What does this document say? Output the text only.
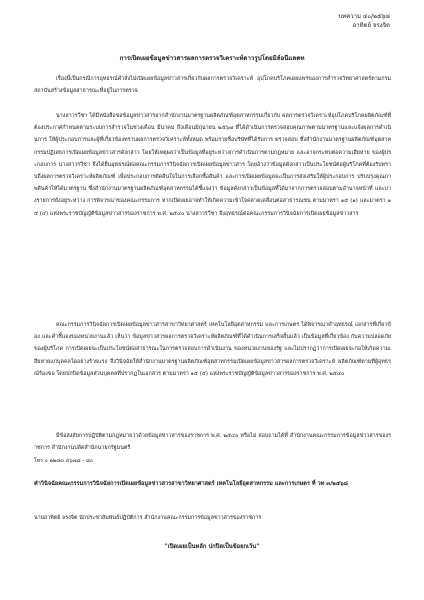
บทความ ๔๐/๒๕๖๘
อาทิตย์ จรงจิต
การเปิดเผยข้อมูลข่าวสารผลการตรวจวิเคราะห์ดาวรูปโดยมิล์อนีแลคท
เรื่องนี้เป็นกรณีการอุทธรณ์คำสั่งไม่เปิดเผยข้อมูลข่าวสารเกี่ยวกับผลการตรวจวิเคราะห์ อุปโภคบริโภคเผยแพร่ของการสำรวจวิทยาศาสตร์ตามกรม สถาบันสร้างข้อมูลสาธารณะที่อยู่ในการตรวจ
นางสาวรวีชา ได้มีหนังสือขอข้อมูลข่าวสารจากสำนักงานมาตรฐานผลิตภัณฑ์อุตสาหกรรมเกี่ยวกับ ผลการตรวจวิเคราะห์อุปโภคบริโภคผลิตภัณฑ์ที่ต้องประกาศกำหนดตามระบบการสำรวจในช่วงเดือน มีนาคม ถึงเดือนมิถุนายน ๒๕๖๗ ที่ได้ดำเนินการตรวจสอบคุณภาพตามมาตรฐานและแจ้งผลการดำเนินการ ให้ผู้ประกอบการและผู้ที่เกี่ยวข้องทราบผลการตรวจวิเคราะห์ทั้งหมด พร้อมรายชื่อบริษัทที่ได้รับการ ตรวจสอบ ซึ่งสำนักงานมาตรฐานผลิตภัณฑ์อุตสาหกรรมปฏิเสธการเปิดเผยข้อมูลข่าวสารดังกล่าว โดยให้เหตุผลว่าเป็นข้อมูลที่อยู่ระหว่างการดำเนินการตามกฎหมาย และอาจกระทบต่อความเสียหาย ของผู้ประกอบการ นางสาวรวีชา จึงได้ยื่นอุทธรณ์ต่อคณะกรรมการวินิจฉัยการเปิดเผยข้อมูลข่าวสาร โดยอ้างว่าข้อมูลดังกล่าวเป็นประโยชน์ต่อผู้บริโภคที่ต้องรับทราบถึงผลการตรวจวิเคราะห์ผลิตภัณฑ์ เพื่อประกอบการตัดสินใจในการเลือกซื้อสินค้า และการเปิดเผยข้อมูลจะเป็นการส่งเสริมให้ผู้ประกอบการ ปรับปรุงคุณภาพสินค้าให้ได้มาตรฐาน ซึ่งสำนักงานมาตรฐานผลิตภัณฑ์อุตสาหกรรมได้ชี้แจงว่า ข้อมูลดังกล่าวเป็นข้อมูลที่ได้มาจากการตรวจสอบตามอำนาจหน้าที่ และบางรายการยังอยู่ระหว่าง การพิจารณาของคณะกรรมการ หากเปิดเผยอาจทำให้เกิดความเข้าใจคลาดเคลื่อนต่อสาธารณชน ตามมาตรา ๑๕ (๑) และมาตรา ๑๕ (๔) แห่งพระราชบัญญัติข้อมูลข่าวสารของราชการ พ.ศ. ๒๕๔๐ นางสาวรวีชา จึงอุทธรณ์ต่อคณะกรรมการวินิจฉัยการเปิดเผยข้อมูลข่าวสาร
คณะกรรมการวินิจฉัยการเปิดเผยข้อมูลข่าวสารสาขาวิทยาศาสตร์ เทคโนโลยีอุตสาหกรรม และการเกษตร ได้พิจารณาคำอุทธรณ์ เอกสารที่เกี่ยวข้อง และคำชี้แจงของหน่วยงานแล้ว เห็นว่า ข้อมูลข่าวสารผลการตรวจวิเคราะห์ผลิตภัณฑ์ที่ได้ดำเนินการเสร็จสิ้นแล้ว เป็นข้อมูลที่เกี่ยวข้อง กับความปลอดภัยของผู้บริโภค การเปิดเผยจะเป็นประโยชน์ต่อสาธารณะในการตรวจสอบการดำเนินงาน ของหน่วยงานของรัฐ และไม่ปรากฏว่าการเปิดเผยจะก่อให้เกิดความเสียหายแก่บุคคลใดอย่างร้ายแรง จึงวินิจฉัยให้สำนักงานมาตรฐานผลิตภัณฑ์อุตสาหกรรมเปิดเผยข้อมูลข่าวสารผลการตรวจวิเคราะห์ ผลิตภัณฑ์ตามที่ผู้อุทธรณ์ร้องขอ โดยปกปิดข้อมูลส่วนบุคคลที่ปรากฏในเอกสาร ตามมาตรา ๑๕ (๕) แห่งพระราชบัญญัติข้อมูลข่าวสารของราชการ พ.ศ. ๒๕๔๐
มีข้อสงสัยการปฏิบัติตามกฎหมายว่าด้วยข้อมูลข่าวสารของราชการ พ.ศ. ๒๕๔๐ หรือไม่ สอบถามได้ที่ สำนักงานคณะกรรมการข้อมูลข่าวสารของราชการ สำนักงานปลัดสำนักนายกรัฐมนตรี
โทร ๐ ๒๒๘๓ ๔๖๗๘ - ๘๐
คำวินิจฉัยคณะกรรมการวินิจฉัยการเปิดเผยข้อมูลข่าวสารสาขาวิทยาศาสตร์ เทคโนโลยีอุตสาหกรรม และการเกษตร ที่ วท ๓/๒๕๖๘
นายอาทิตย์ จรงจิต นักประชาสัมพันธ์ปฏิบัติการ สำนักงานคณะกรรมการข้อมูลข่าวสารของราชการ
"เปิดเผยเป็นหลัก ปกปิดเป็นข้อยกเว้น"
